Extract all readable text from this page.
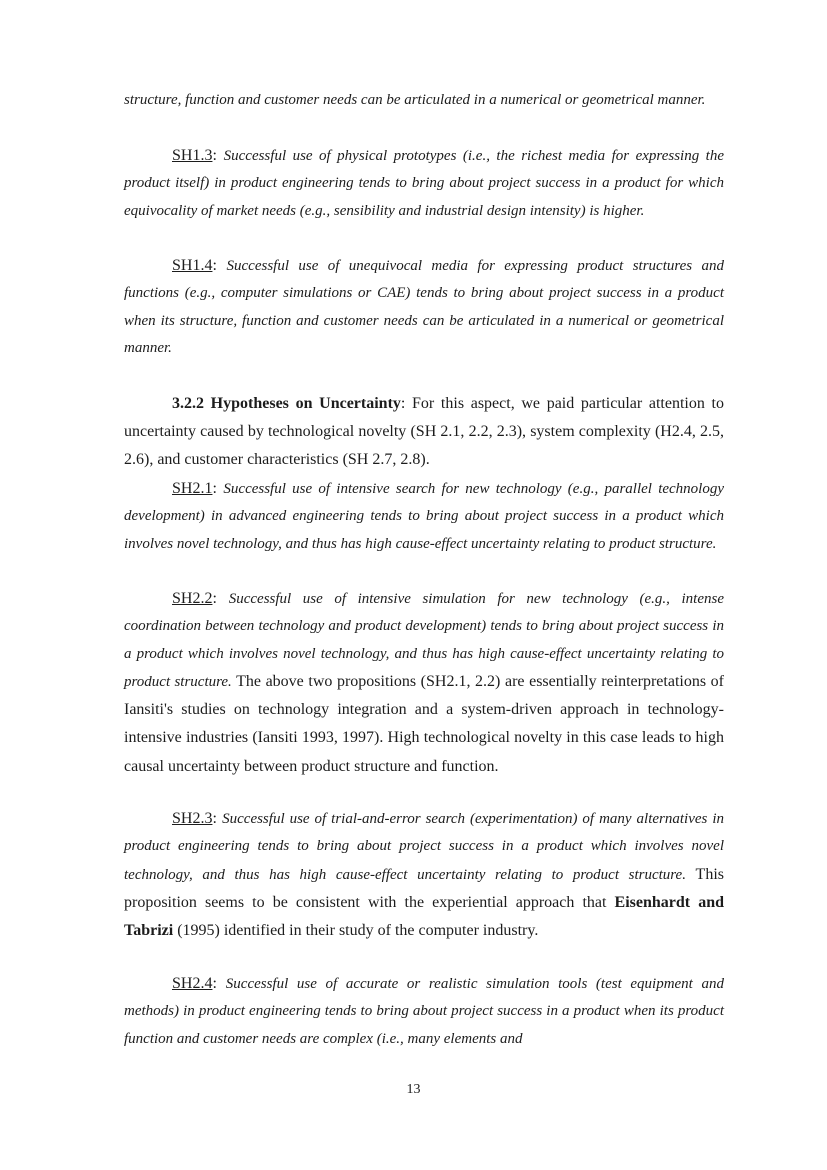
structure, function and customer needs can be articulated in a numerical or geometrical manner.

SH1.3: Successful use of physical prototypes (i.e., the richest media for expressing the product itself) in product engineering tends to bring about project success in a product for which equivocality of market needs (e.g., sensibility and industrial design intensity) is higher.

SH1.4: Successful use of unequivocal media for expressing product structures and functions (e.g., computer simulations or CAE) tends to bring about project success in a product when its structure, function and customer needs can be articulated in a numerical or geometrical manner.

3.2.2 Hypotheses on Uncertainty: For this aspect, we paid particular attention to uncertainty caused by technological novelty (SH 2.1, 2.2, 2.3), system complexity (H2.4, 2.5, 2.6), and customer characteristics (SH 2.7, 2.8).

SH2.1: Successful use of intensive search for new technology (e.g., parallel technology development) in advanced engineering tends to bring about project success in a product which involves novel technology, and thus has high cause-effect uncertainty relating to product structure.

SH2.2: Successful use of intensive simulation for new technology (e.g., intense coordination between technology and product development) tends to bring about project success in a product which involves novel technology, and thus has high cause-effect uncertainty relating to product structure. The above two propositions (SH2.1, 2.2) are essentially reinterpretations of Iansiti's studies on technology integration and a system-driven approach in technology-intensive industries (Iansiti 1993, 1997). High technological novelty in this case leads to high causal uncertainty between product structure and function.

SH2.3: Successful use of trial-and-error search (experimentation) of many alternatives in product engineering tends to bring about project success in a product which involves novel technology, and thus has high cause-effect uncertainty relating to product structure. This proposition seems to be consistent with the experiential approach that Eisenhardt and Tabrizi (1995) identified in their study of the computer industry.

SH2.4: Successful use of accurate or realistic simulation tools (test equipment and methods) in product engineering tends to bring about project success in a product when its product function and customer needs are complex (i.e., many elements and

13
